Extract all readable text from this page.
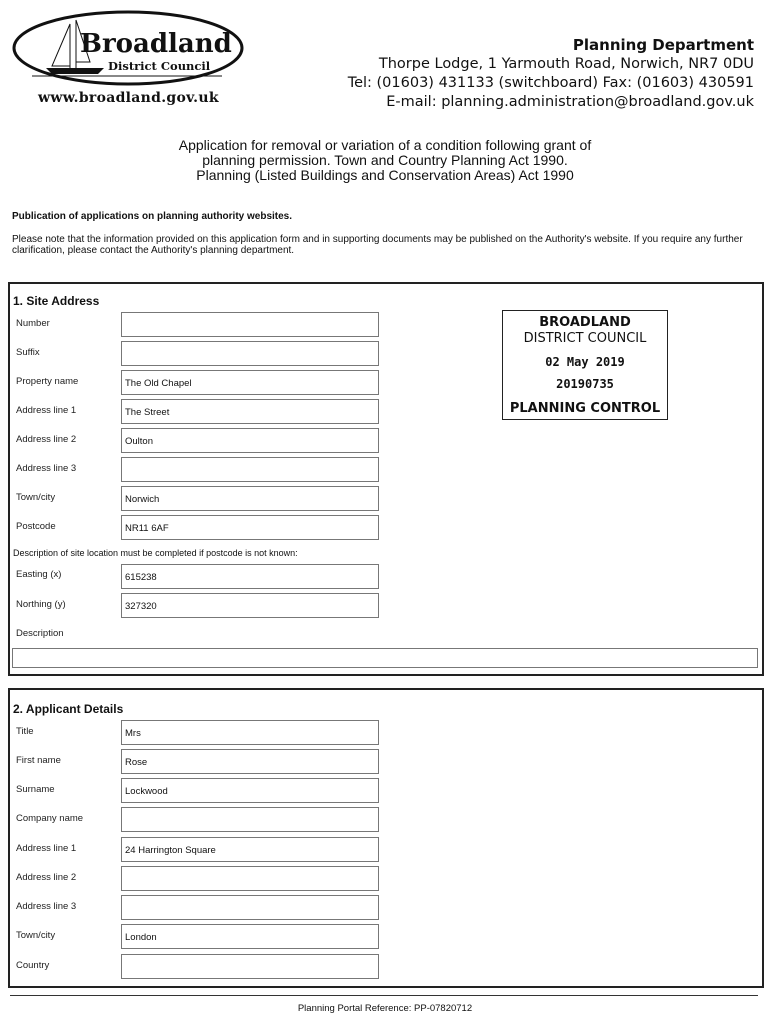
Broadland
District Council
www.broadland.gov.uk
Planning Department
Thorpe Lodge, 1 Yarmouth Road, Norwich, NR7 0DU
Tel: (01603) 431133 (switchboard) Fax: (01603) 430591
E-mail: planning.administration@broadland.gov.uk
Application for removal or variation of a condition following grant of
planning permission. Town and Country Planning Act 1990.
Planning (Listed Buildings and Conservation Areas) Act 1990
Publication of applications on planning authority websites.
Please note that the information provided on this application form and in supporting documents may be published on the Authority's website. If you require any further clarification, please contact the Authority's planning department.
1. Site Address
Number
Suffix
Property name	The Old Chapel
Address line 1	The Street
Address line 2	Oulton
Address line 3
Town/city	Norwich
Postcode	NR11 6AF
Description of site location must be completed if postcode is not known:
Easting (x)	615238
Northing (y)	327320
Description
BROADLAND
DISTRICT COUNCIL
02 May 2019
20190735
PLANNING CONTROL
2. Applicant Details
Title	Mrs
First name	Rose
Surname	Lockwood
Company name
Address line 1	24 Harrington Square
Address line 2
Address line 3
Town/city	London
Country
Planning Portal Reference: PP-07820712
